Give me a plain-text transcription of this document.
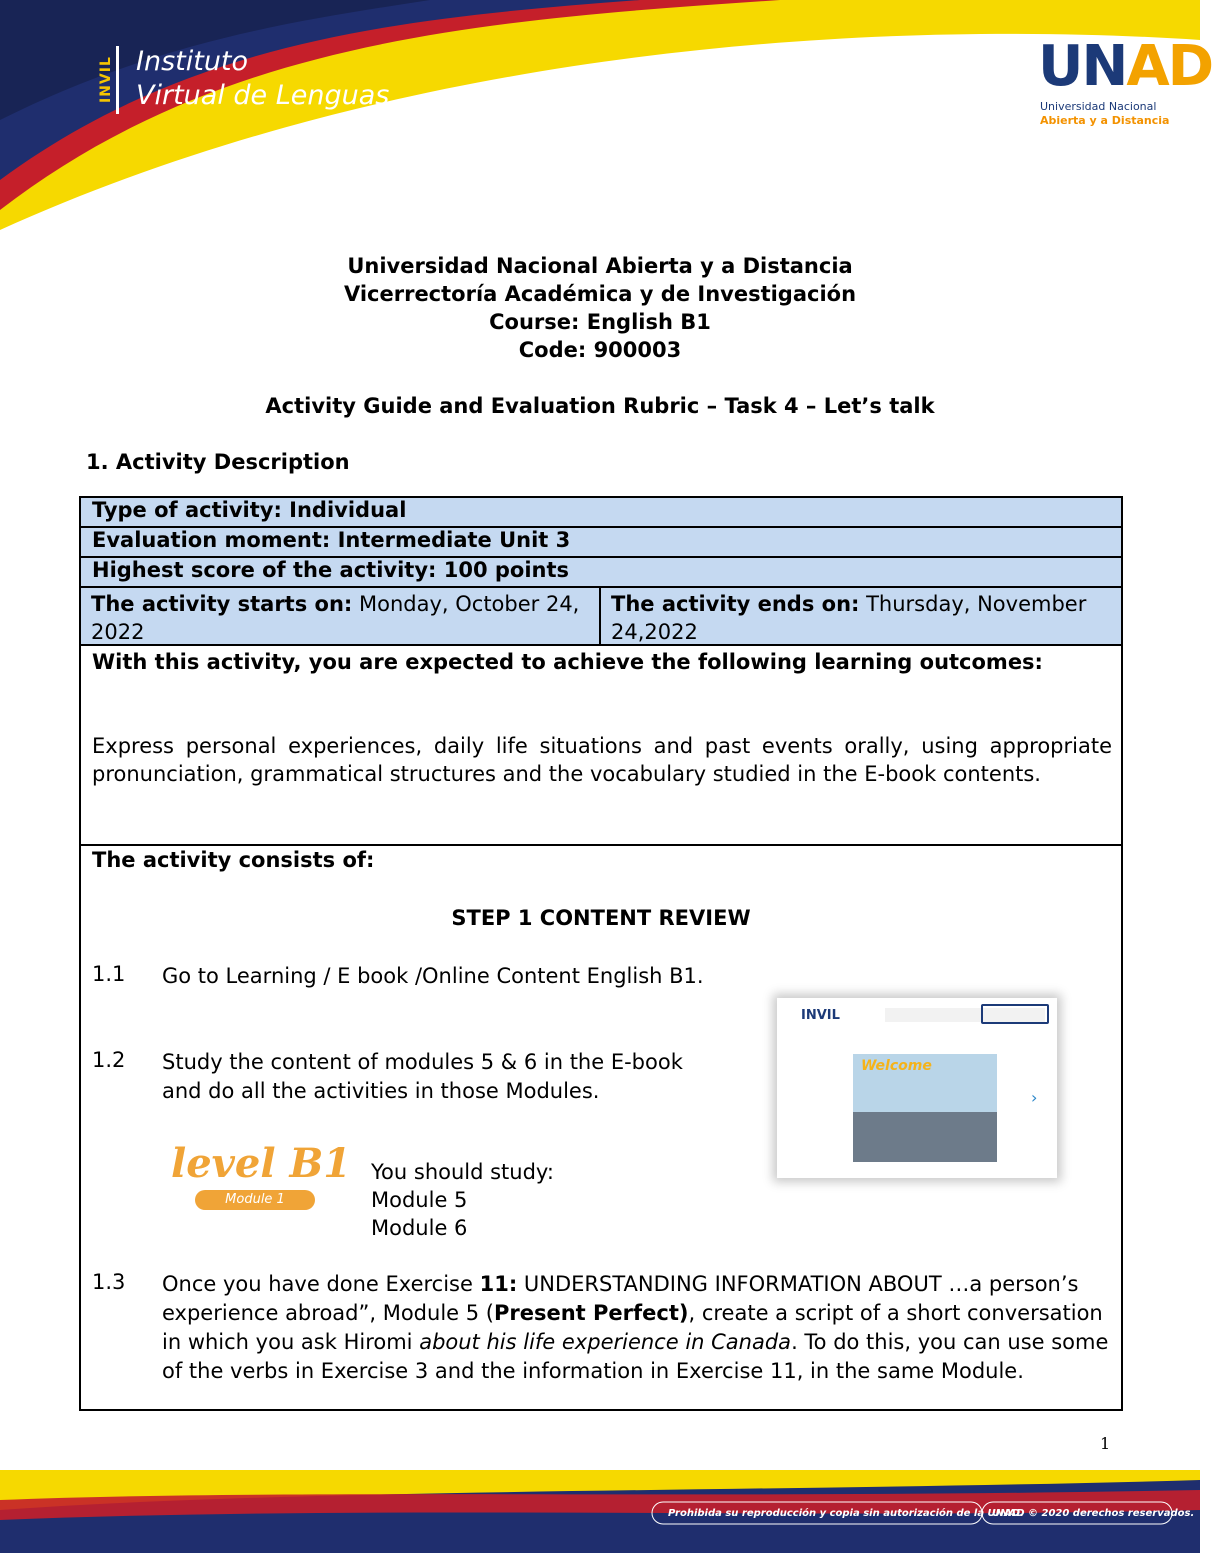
INVIL Instituto
Virtual de Lenguas	UNAD
Universidad Nacional
Abierta y a Distancia
Universidad Nacional Abierta y a Distancia
Vicerrectoría Académica y de Investigación
Course: English B1
Code: 900003
Activity Guide and Evaluation Rubric – Task 4 – Let’s talk
1. Activity Description
Type of activity: Individual
Evaluation moment: Intermediate Unit 3
Highest score of the activity: 100 points
The activity starts on: Monday, October 24, 2022
The activity ends on: Thursday, November 24,2022
With this activity, you are expected to achieve the following learning outcomes:
Express personal experiences, daily life situations and past events orally, using appropriate pronunciation, grammatical structures and the vocabulary studied in the E-book contents.
The activity consists of:
STEP 1 CONTENT REVIEW
1.1 Go to Learning / E book /Online Content English B1.
1.2 Study the content of modules 5 & 6 in the E-book and do all the activities in those Modules.
INVIL
Welcome
›
level B1
Module 1
You should study:
Module 5
Module 6
1.3 Once you have done Exercise 11: UNDERSTANDING INFORMATION ABOUT …a person’s experience abroad”, Module 5 (Present Perfect), create a script of a short conversation in which you ask Hiromi about his life experience in Canada. To do this, you can use some of the verbs in Exercise 3 and the information in Exercise 11, in the same Module.
1
Prohibida su reproducción y copia sin autorización de la UNAD.
UNAD © 2020 derechos reservados.
